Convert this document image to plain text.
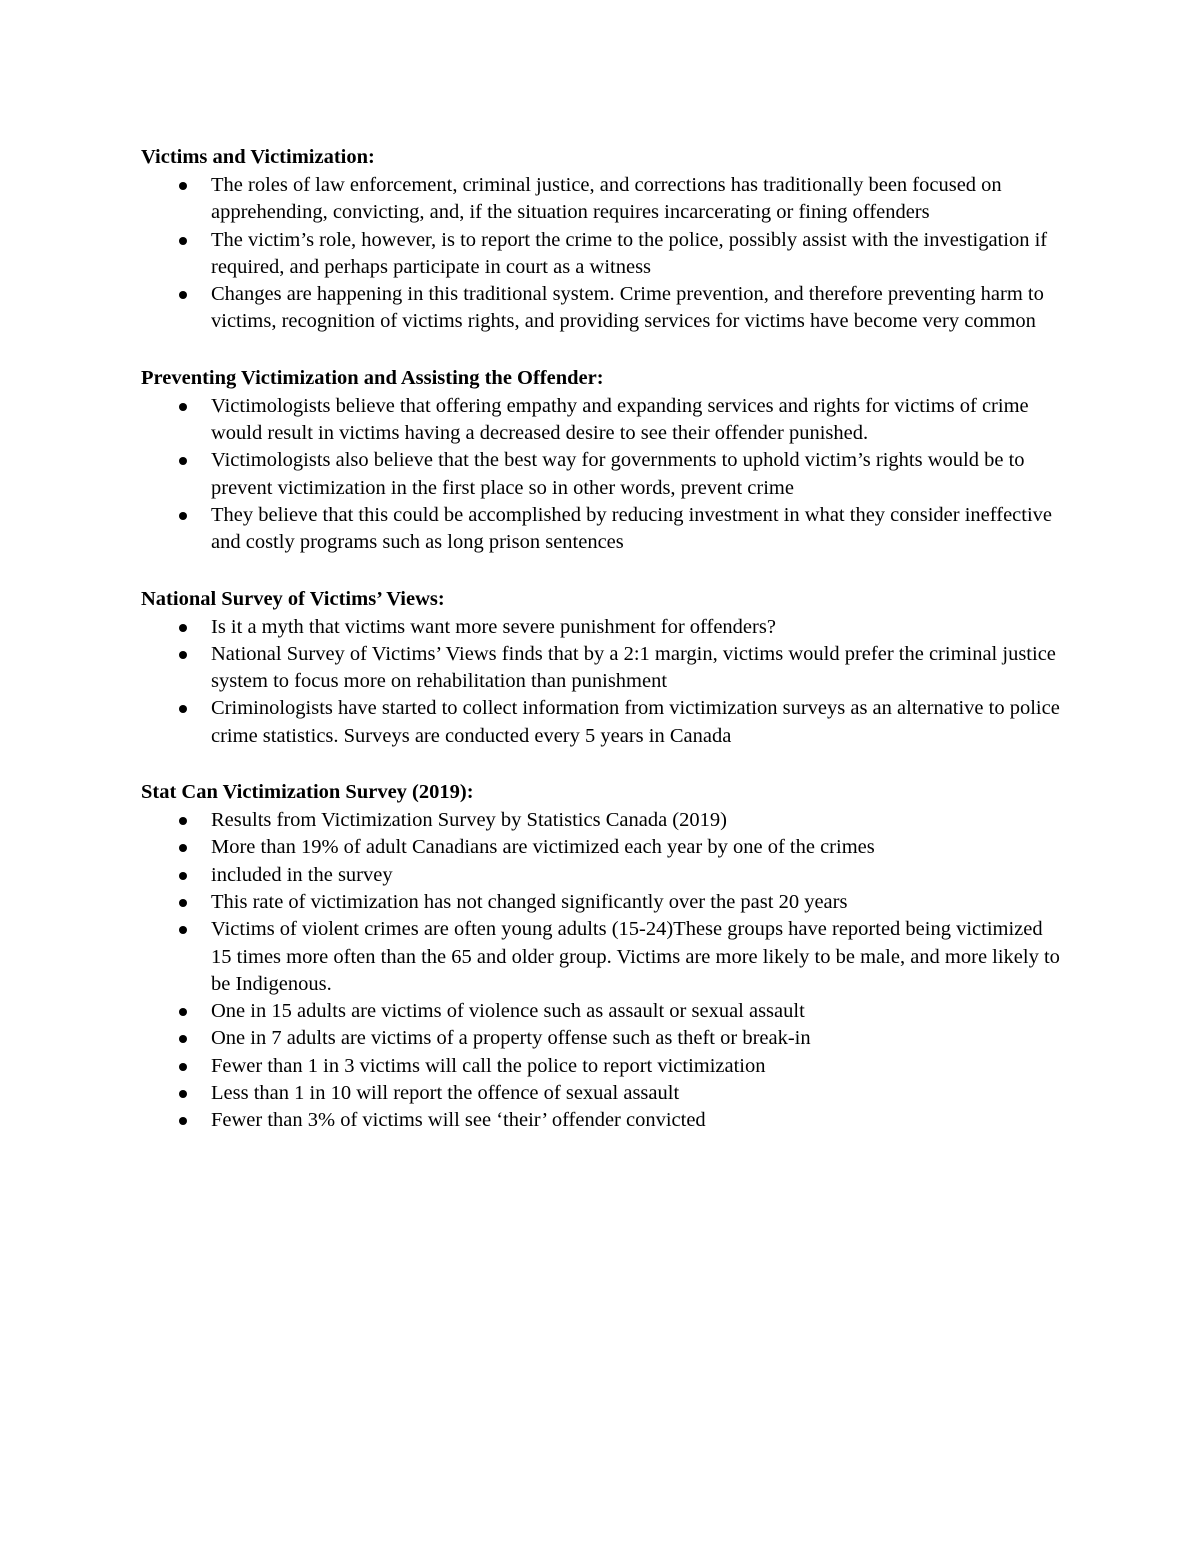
Victims and Victimization:

The roles of law enforcement, criminal justice, and corrections has traditionally been focused on apprehending, convicting, and, if the situation requires incarcerating or fining offenders
The victim’s role, however, is to report the crime to the police, possibly assist with the investigation if required, and perhaps participate in court as a witness
Changes are happening in this traditional system. Crime prevention, and therefore preventing harm to victims, recognition of victims rights, and providing services for victims have become very common

Preventing Victimization and Assisting the Offender:

Victimologists believe that offering empathy and expanding services and rights for victims of crime would result in victims having a decreased desire to see their offender punished.
Victimologists also believe that the best way for governments to uphold victim’s rights would be to prevent victimization in the first place so in other words, prevent crime
They believe that this could be accomplished by reducing investment in what they consider ineffective and costly programs such as long prison sentences

National Survey of Victims’ Views:

Is it a myth that victims want more severe punishment for offenders?
National Survey of Victims’ Views finds that by a 2:1 margin, victims would prefer the criminal justice system to focus more on rehabilitation than punishment
Criminologists have started to collect information from victimization surveys as an alternative to police crime statistics. Surveys are conducted every 5 years in Canada

Stat Can Victimization Survey (2019):

Results from Victimization Survey by Statistics Canada (2019)
More than 19% of adult Canadians are victimized each year by one of the crimes
included in the survey
This rate of victimization has not changed significantly over the past 20 years
Victims of violent crimes are often young adults (15-24)These groups have reported being victimized 15 times more often than the 65 and older group. Victims are more likely to be male, and more likely to be Indigenous.
One in 15 adults are victims of violence such as assault or sexual assault
One in 7 adults are victims of a property offense such as theft or break-in
Fewer than 1 in 3 victims will call the police to report victimization
Less than 1 in 10 will report the offence of sexual assault
Fewer than 3% of victims will see ‘their’ offender convicted
